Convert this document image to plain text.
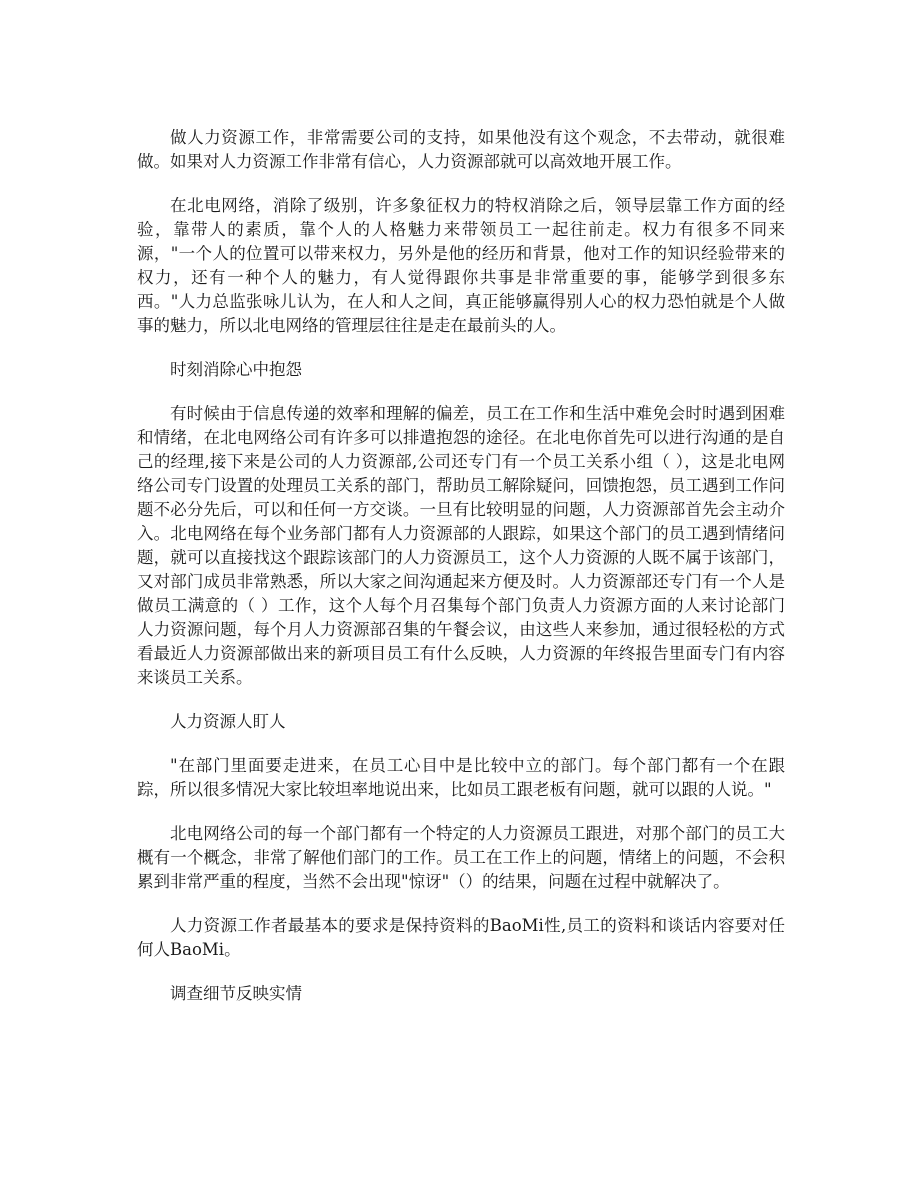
做人力资源工作，非常需要公司的支持，如果他没有这个观念，不去带动，就很难做。如果对人力资源工作非常有信心，人力资源部就可以高效地开展工作。

在北电网络，消除了级别，许多象征权力的特权消除之后，领导层靠工作方面的经验，靠带人的素质，靠个人的人格魅力来带领员工一起往前走。权力有很多不同来源，"一个人的位置可以带来权力，另外是他的经历和背景，他对工作的知识经验带来的权力，还有一种个人的魅力，有人觉得跟你共事是非常重要的事，能够学到很多东西。"人力总监张咏儿认为，在人和人之间，真正能够赢得别人心的权力恐怕就是个人做事的魅力，所以北电网络的管理层往往是走在最前头的人。

时刻消除心中抱怨

有时候由于信息传递的效率和理解的偏差，员工在工作和生活中难免会时时遇到困难和情绪，在北电网络公司有许多可以排遣抱怨的途径。在北电你首先可以进行沟通的是自己的经理,接下来是公司的人力资源部,公司还专门有一个员工关系小组（ ），这是北电网络公司专门设置的处理员工关系的部门，帮助员工解除疑问，回馈抱怨，员工遇到工作问题不必分先后，可以和任何一方交谈。一旦有比较明显的问题，人力资源部首先会主动介入。北电网络在每个业务部门都有人力资源部的人跟踪，如果这个部门的员工遇到情绪问题，就可以直接找这个跟踪该部门的人力资源员工，这个人力资源的人既不属于该部门，又对部门成员非常熟悉，所以大家之间沟通起来方便及时。人力资源部还专门有一个人是做员工满意的（ ）工作，这个人每个月召集每个部门负责人力资源方面的人来讨论部门人力资源问题，每个月人力资源部召集的午餐会议，由这些人来参加，通过很轻松的方式看最近人力资源部做出来的新项目员工有什么反映，人力资源的年终报告里面专门有内容来谈员工关系。

人力资源人盯人

"在部门里面要走进来，在员工心目中是比较中立的部门。每个部门都有一个在跟踪，所以很多情况大家比较坦率地说出来，比如员工跟老板有问题，就可以跟的人说。"

北电网络公司的每一个部门都有一个特定的人力资源员工跟进，对那个部门的员工大概有一个概念，非常了解他们部门的工作。员工在工作上的问题，情绪上的问题，不会积累到非常严重的程度，当然不会出现"惊讶"（）的结果，问题在过程中就解决了。

人力资源工作者最基本的要求是保持资料的BaoMi性,员工的资料和谈话内容要对任何人BaoMi。

调查细节反映实情
